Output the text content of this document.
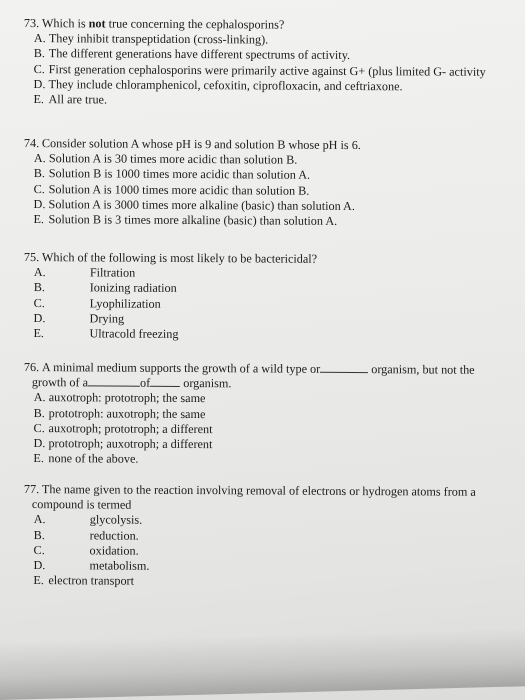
73. Which is not true concerning the cephalosporins?
A. They inhibit transpeptidation (cross-linking).
B. The different generations have different spectrums of activity.
C. First generation cephalosporins were primarily active against G+ (plus limited G- activity
D. They include chloramphenicol, cefoxitin, ciprofloxacin, and ceftriaxone.
E. All are true.
74. Consider solution A whose pH is 9 and solution B whose pH is 6.
A. Solution A is 30 times more acidic than solution B.
B. Solution B is 1000 times more acidic than solution A.
C. Solution A is 1000 times more acidic than solution B.
D. Solution A is 3000 times more alkaline (basic) than solution A.
E. Solution B is 3 times more alkaline (basic) than solution A.
75. Which of the following is most likely to be bactericidal?
A.	Filtration
B.	Ionizing radiation
C.	Lyophilization
D.	Drying
E.	Ultracold freezing
76. A minimal medium supports the growth of a wild type or	organism, but not the
growth of a	of	organism.
A. auxotroph: prototroph; the same
B. prototroph: auxotroph; the same
C. auxotroph; prototroph; a different
D. prototroph; auxotroph; a different
E. none of the above.
77. The name given to the reaction involving removal of electrons or hydrogen atoms from a
compound is termed
A.	glycolysis.
B.	reduction.
C.	oxidation.
D.	metabolism.
E. electron transport
